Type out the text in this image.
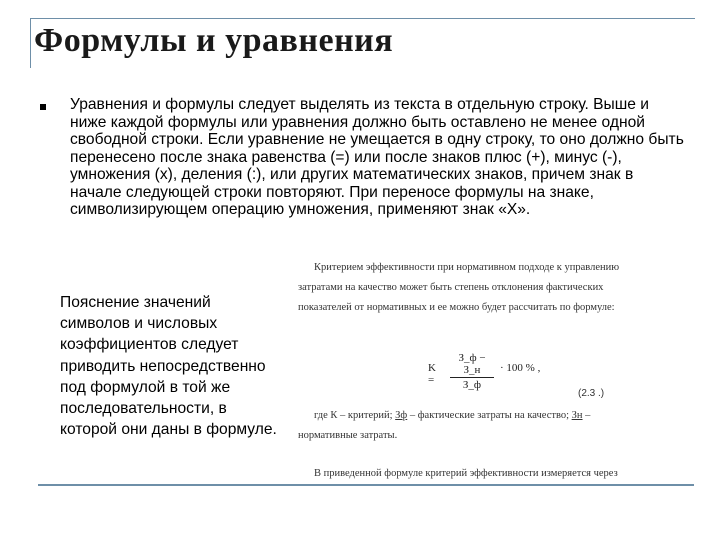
Формулы и уравнения
Уравнения и формулы следует выделять из текста в отдельную строку. Выше и ниже каждой формулы или уравнения должно быть оставлено не менее одной свободной строки. Если уравнение не умещается в одну строку, то оно должно быть перенесено после знака равенства (=) или после знаков плюс (+), минус (-), умножения (х), деления (:), или других математических знаков, причем знак в начале следующей строки повторяют. При переносе формулы на знаке, символизирующем операцию умножения, применяют знак «Х».
Пояснение значений символов и числовых коэффициентов следует приводить непосредственно под формулой в той же последовательности, в которой они даны в формуле.
Критерием эффективности при нормативном подходе к управлению
затратами на качество может быть степень отклонения фактических
показателей от нормативных и ее можно будет рассчитать по формуле:
K =
З_ф − З_н
З_ф
· 100 % ,
(2.3 .)
где К – критерий; Зф – фактические затраты на качество; Зн –
нормативные затраты.
В приведенной формуле критерий эффективности измеряется через
